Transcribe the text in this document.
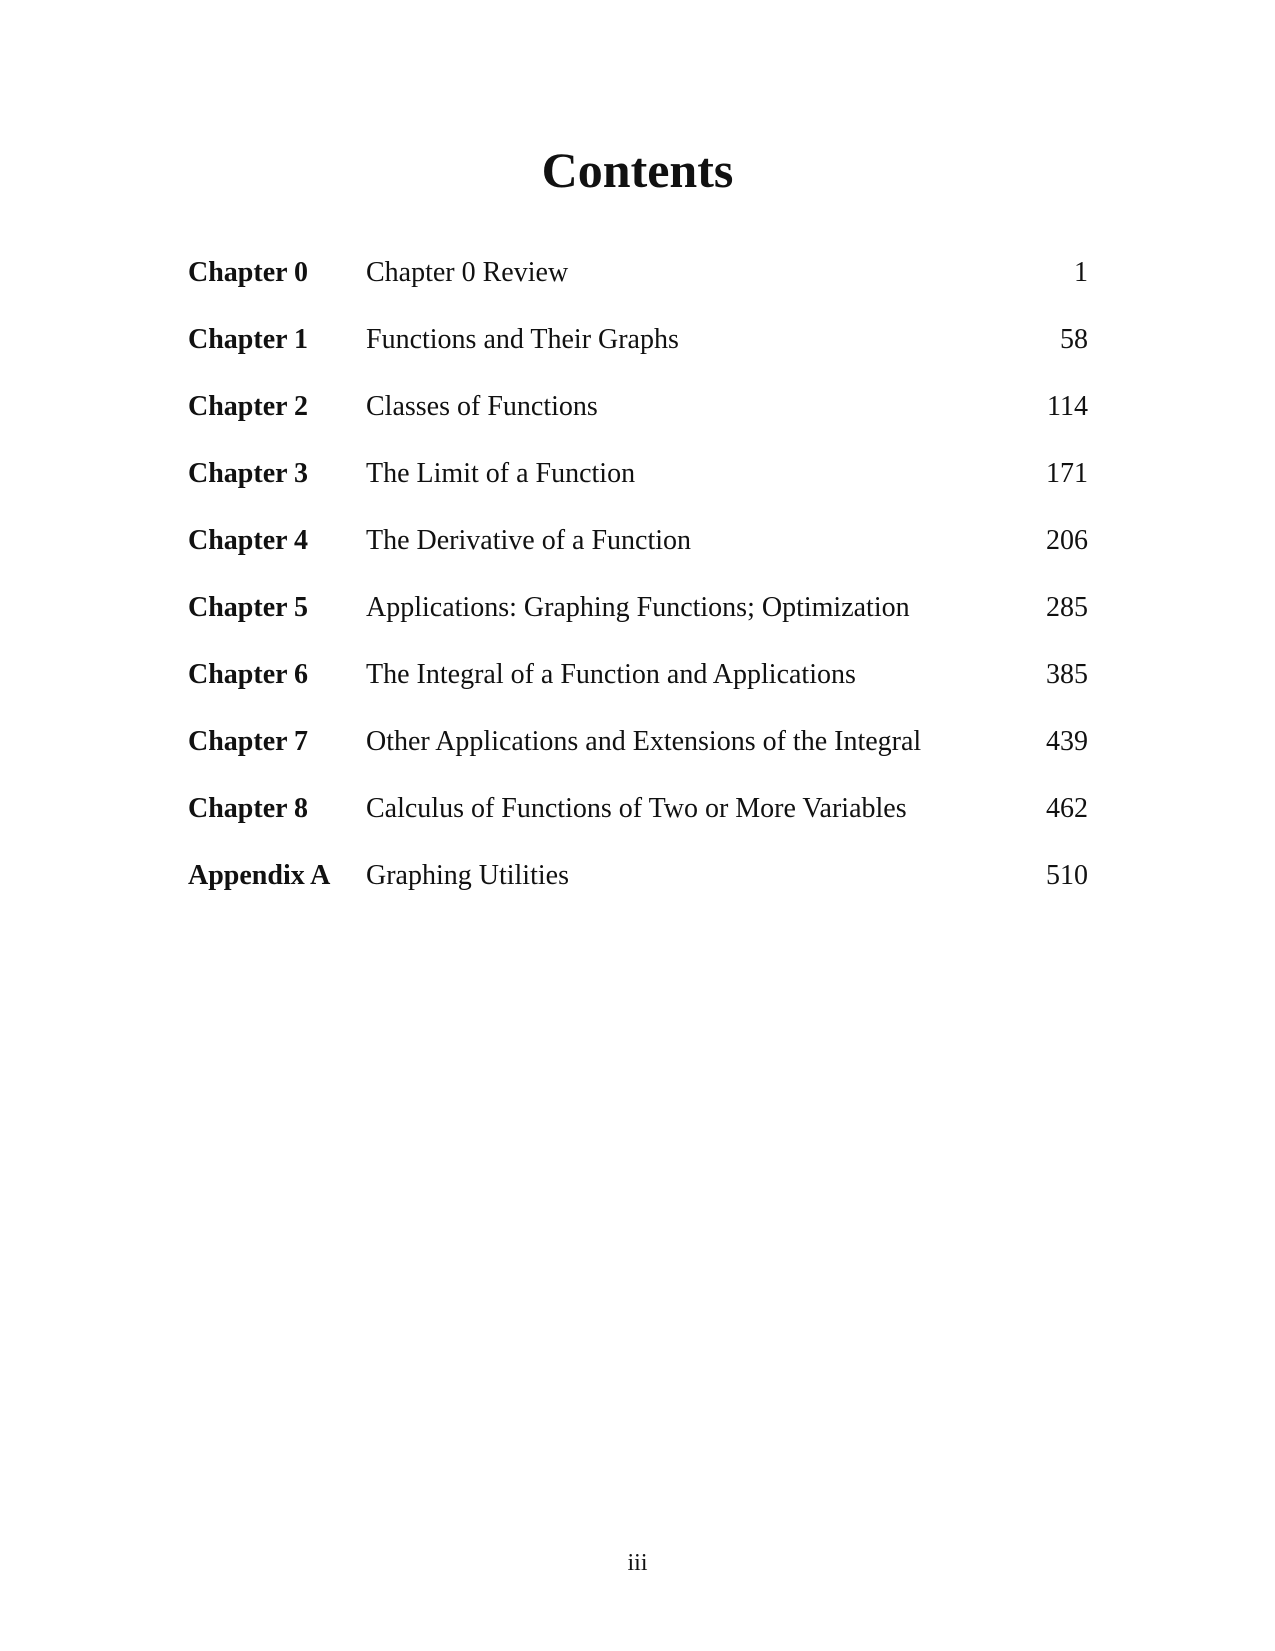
Contents
Chapter 0 Chapter 0 Review	1
Chapter 1 Functions and Their Graphs	58
Chapter 2 Classes of Functions	114
Chapter 3 The Limit of a Function	171
Chapter 4 The Derivative of a Function	206
Chapter 5 Applications: Graphing Functions; Optimization	285
Chapter 6 The Integral of a Function and Applications	385
Chapter 7 Other Applications and Extensions of the Integral	439
Chapter 8 Calculus of Functions of Two or More Variables	462
Appendix A Graphing Utilities	510
iii
